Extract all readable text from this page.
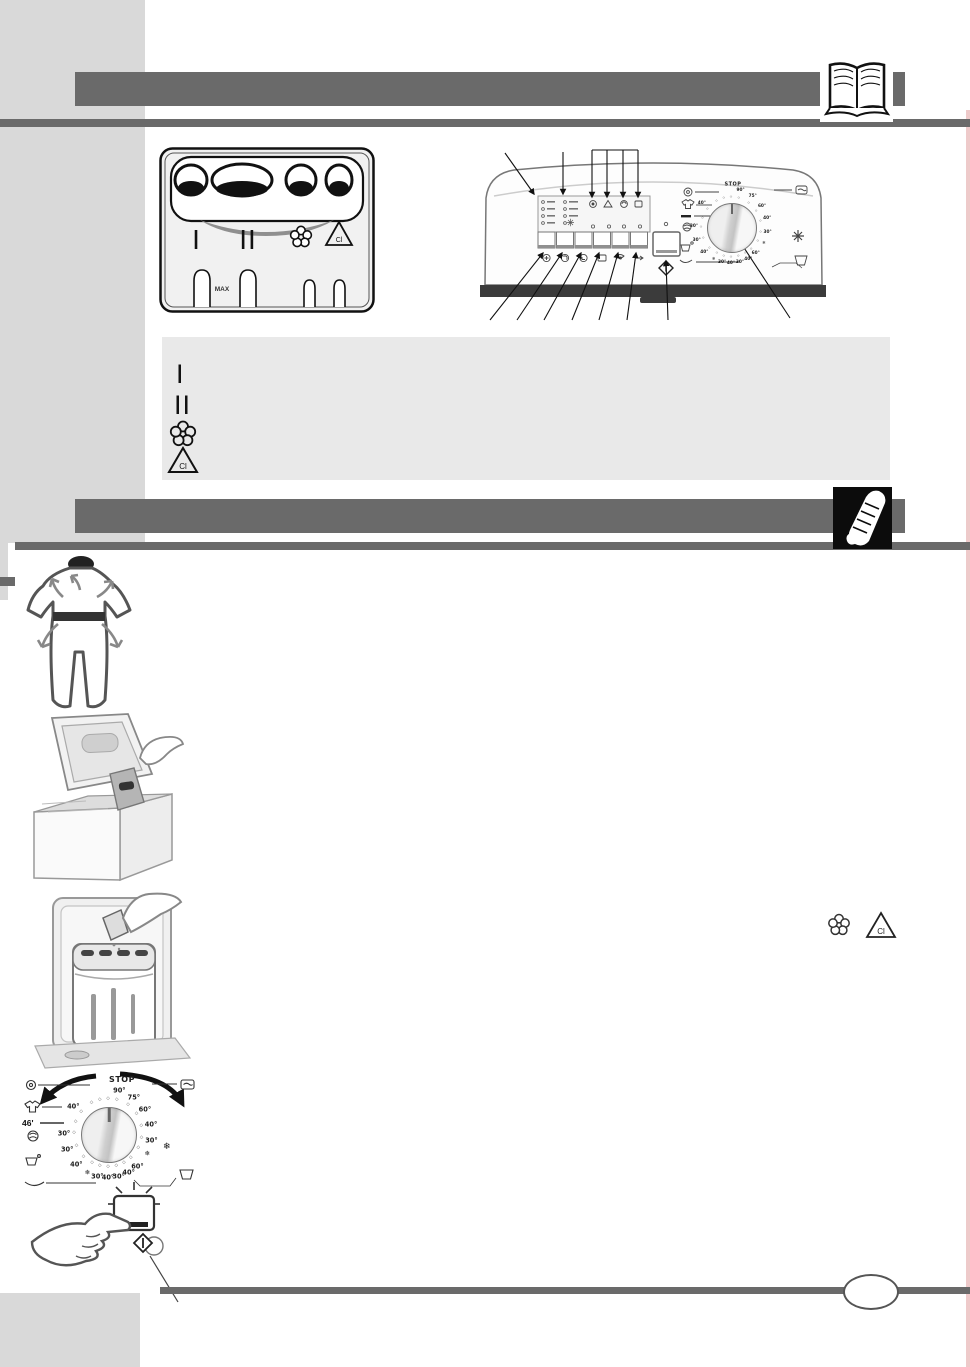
I II	Cl
MAX
◇ ◇
◇
◇
◇
◇
◇
◇
◇
◇
◇
◇
◇
◇
◇
◇
◇
◇
◇
◇
90°
75°
60°
40°
30°
❄
60°
40°
30°
40°
30°
❄
40°
30°
30°
40°
STOP
I
II
Cl
46'
❄
◇ ◇
◇
◇
◇
◇
◇
◇
◇
◇
◇
◇
◇
◇
◇
◇
◇
◇
◇
◇
90°
75°
60°
40°
30°
❄
60°
40°
30°
40°
30°
❄
40°
30°
30°
40°
STOP
Cl
